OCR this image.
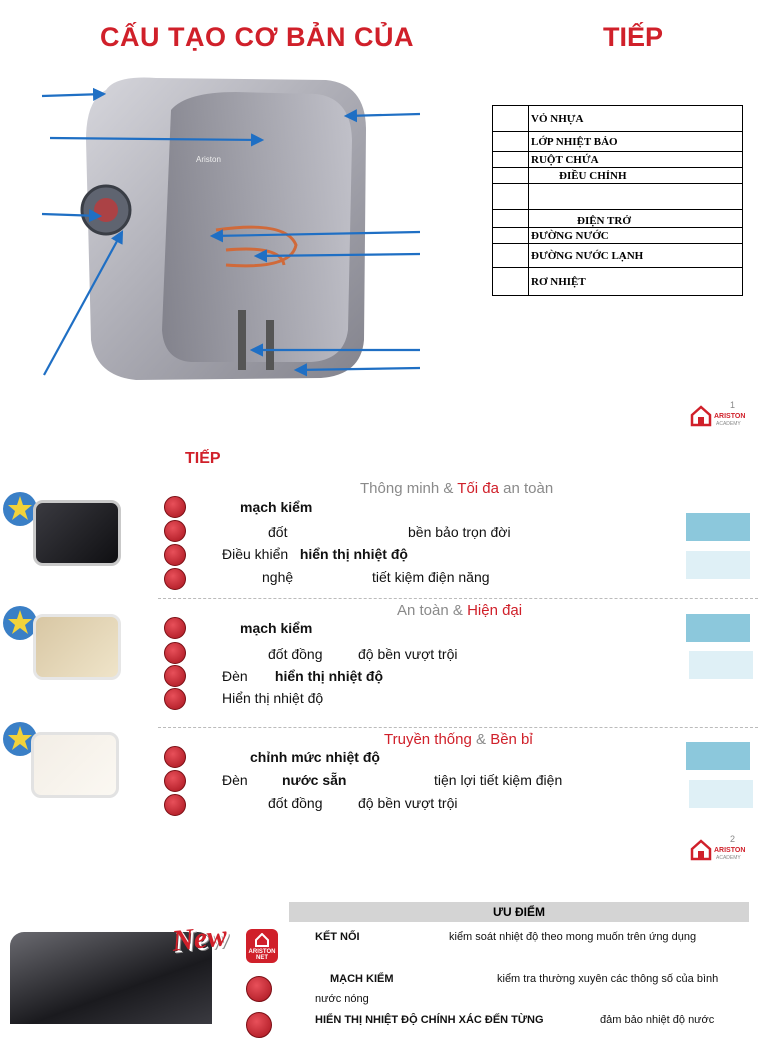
CẤU TẠO CƠ BẢN CỦA	TIẾP
Ariston
	VỎ NHỰA
	LỚP NHIỆT BẢO
	RUỘT CHỨA
	ĐIỀU CHỈNH

	ĐIỆN TRỞ
	ĐƯỜNG NƯỚC
	ĐƯỜNG NƯỚC LẠNH
	RƠ NHIỆT
1
ARISTON
ACADEMY
TIẾP
Thông minh & Tối đa an toàn
mạch kiểm
đốt	bền bảo trọn đời
Điều khiển hiển thị nhiệt độ
nghệ	tiết kiệm điện năng
An toàn & Hiện đại
mạch kiểm
đốt đồng	độ bền vượt trội
Đèn hiển thị nhiệt độ
Hiển thị nhiệt độ
Truyền thống & Bền bỉ
chỉnh mức nhiệt độ
Đèn nước sẵn	tiện lợi tiết kiệm điện
đốt đồng	độ bền vượt trội
2
ARISTON
ACADEMY
New	ARISTON NET
ƯU ĐIỂM
KẾT NỐI	kiểm soát nhiệt độ theo mong muốn trên ứng dụng
MẠCH KIỂM	kiểm tra thường xuyên các thông số của bình
nước nóng
HIỂN THỊ NHIỆT ĐỘ CHÍNH XÁC ĐẾN TỪNG	đảm bảo nhiệt độ nước
